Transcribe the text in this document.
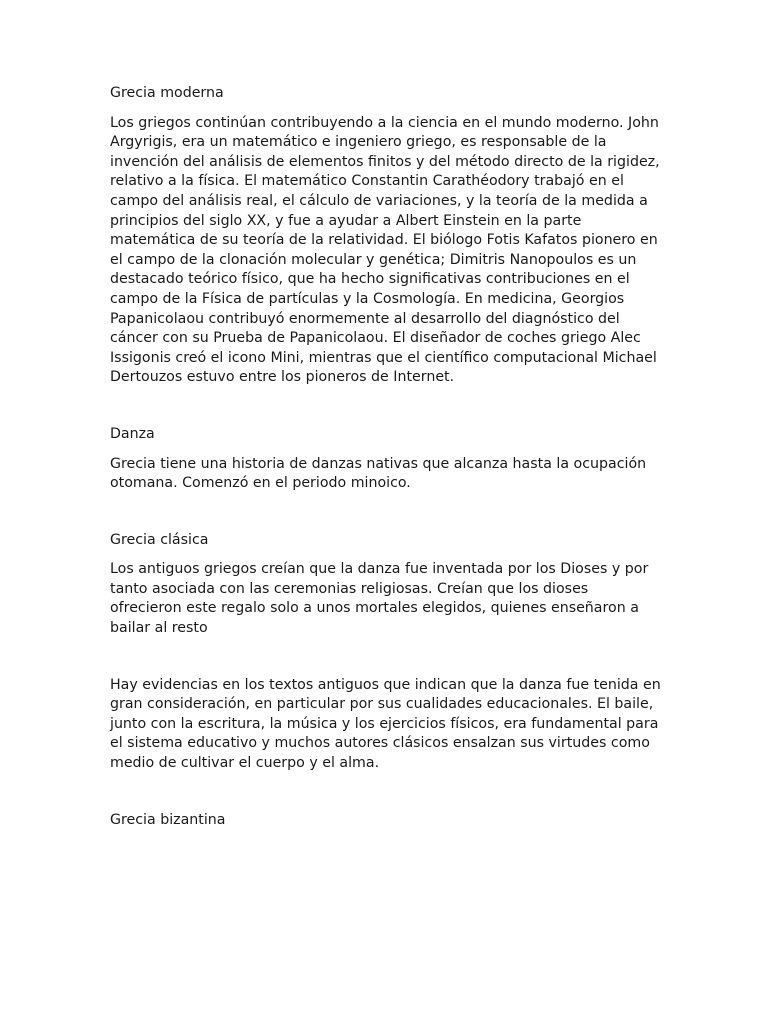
Grecia moderna

Los griegos continúan contribuyendo a la ciencia en el mundo moderno. John Argyrigis, era un matemático e ingeniero griego, es responsable de la invención del análisis de elementos finitos y del método directo de la rigidez, relativo a la física. El matemático Constantin Carathéodory trabajó en el campo del análisis real, el cálculo de variaciones, y la teoría de la medida a principios del siglo XX, y fue a ayudar a Albert Einstein en la parte matemática de su teoría de la relatividad. El biólogo Fotis Kafatos pionero en el campo de la clonación molecular y genética; Dimitris Nanopoulos es un destacado teórico físico, que ha hecho significativas contribuciones en el campo de la Física de partículas y la Cosmología. En medicina, Georgios Papanicolaou contribuyó enormemente al desarrollo del diagnóstico del cáncer con su Prueba de Papanicolaou. El diseñador de coches griego Alec Issigonis creó el icono Mini, mientras que el científico computacional Michael Dertouzos estuvo entre los pioneros de Internet.

Danza

Grecia tiene una historia de danzas nativas que alcanza hasta la ocupación otomana. Comenzó en el periodo minoico.

Grecia clásica

Los antiguos griegos creían que la danza fue inventada por los Dioses y por tanto asociada con las ceremonias religiosas. Creían que los dioses ofrecieron este regalo solo a unos mortales elegidos, quienes enseñaron a bailar al resto

Hay evidencias en los textos antiguos que indican que la danza fue tenida en gran consideración, en particular por sus cualidades educacionales. El baile, junto con la escritura, la música y los ejercicios físicos, era fundamental para el sistema educativo y muchos autores clásicos ensalzan sus virtudes como medio de cultivar el cuerpo y el alma.

Grecia bizantina
